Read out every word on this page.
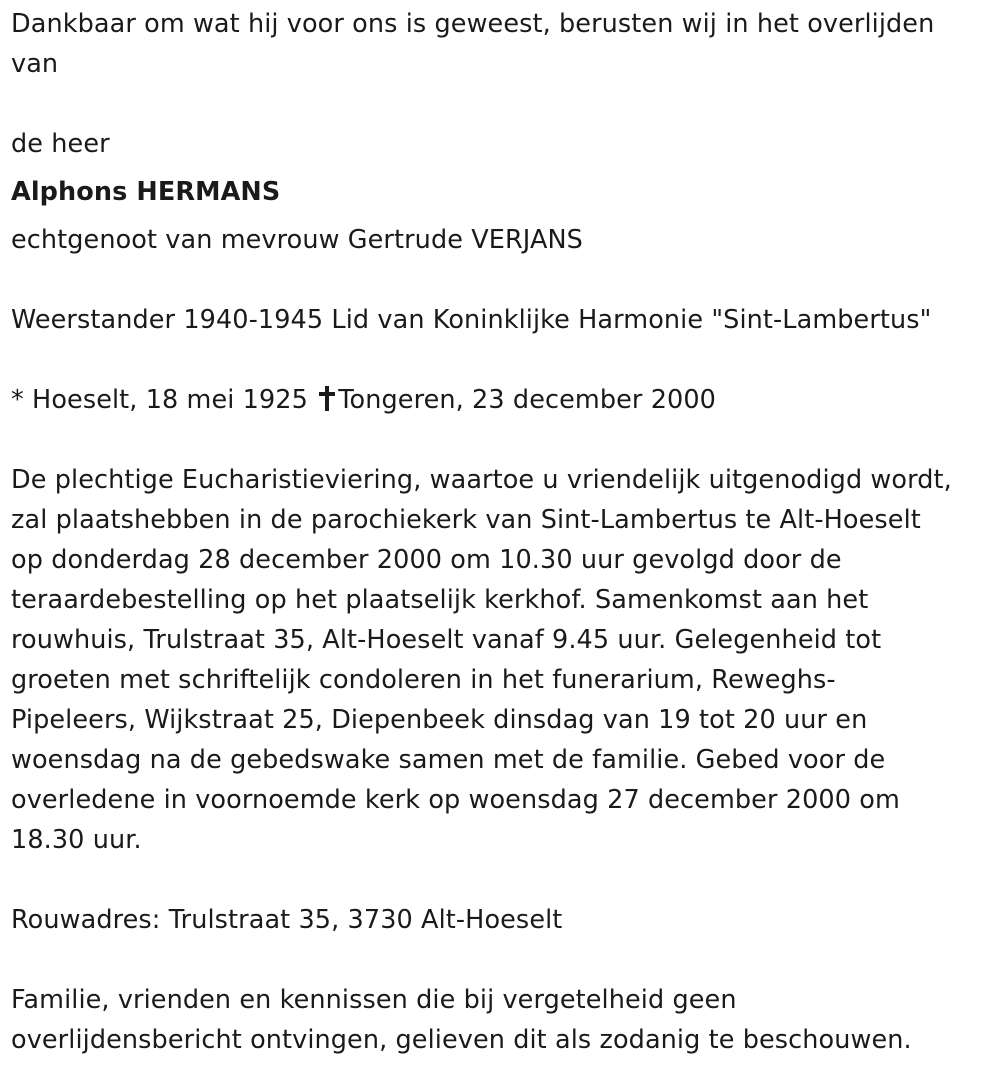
Dankbaar om wat hij voor ons is geweest, berusten wij in het overlijden
van
de heer
Alphons HERMANS
echtgenoot van mevrouw Gertrude VERJANS
Weerstander 1940-1945 Lid van Koninklijke Harmonie "Sint-Lambertus"
* Hoeselt, 18 mei 1925 Tongeren, 23 december 2000
De plechtige Eucharistieviering, waartoe u vriendelijk uitgenodigd wordt,
zal plaatshebben in de parochiekerk van Sint-Lambertus te Alt-Hoeselt
op donderdag 28 december 2000 om 10.30 uur gevolgd door de
teraardebestelling op het plaatselijk kerkhof. Samenkomst aan het
rouwhuis, Trulstraat 35, Alt-Hoeselt vanaf 9.45 uur. Gelegenheid tot
groeten met schriftelijk condoleren in het funerarium, Reweghs-
Pipeleers, Wijkstraat 25, Diepenbeek dinsdag van 19 tot 20 uur en
woensdag na de gebedswake samen met de familie. Gebed voor de
overledene in voornoemde kerk op woensdag 27 december 2000 om
18.30 uur.
Rouwadres: Trulstraat 35, 3730 Alt-Hoeselt
Familie, vrienden en kennissen die bij vergetelheid geen
overlijdensbericht ontvingen, gelieven dit als zodanig te beschouwen.
